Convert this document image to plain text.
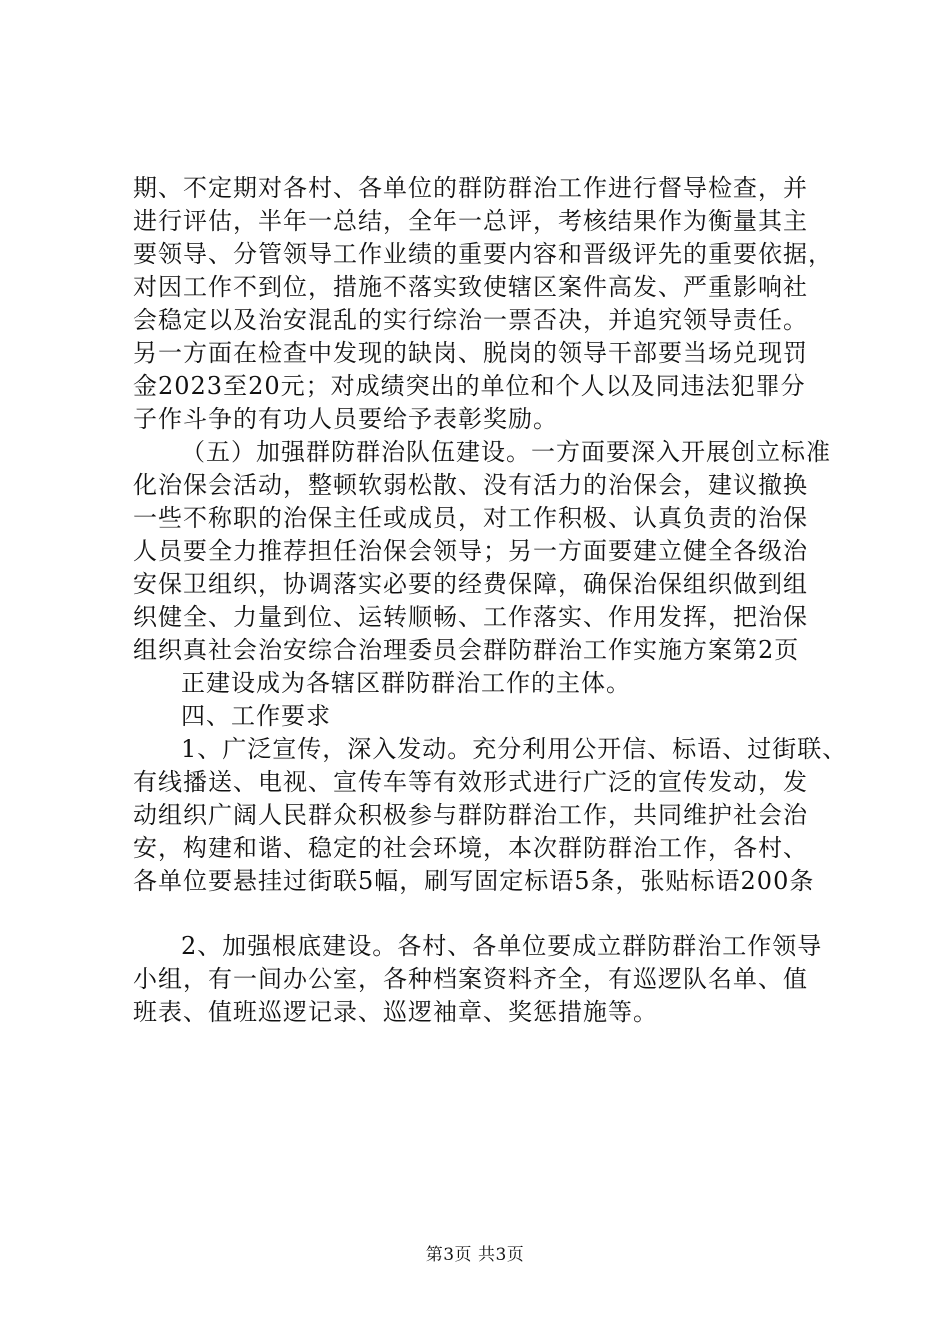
期、不定期对各村、各单位的群防群治工作进行督导检查，并
进行评估，半年一总结，全年一总评，考核结果作为衡量其主
要领导、分管领导工作业绩的重要内容和晋级评先的重要依据，
对因工作不到位，措施不落实致使辖区案件高发、严重影响社
会稳定以及治安混乱的实行综治一票否决，并追究领导责任。
另一方面在检查中发现的缺岗、脱岗的领导干部要当场兑现罚
金2023至20元；对成绩突出的单位和个人以及同违法犯罪分
子作斗争的有功人员要给予表彰奖励。
（五）加强群防群治队伍建设。一方面要深入开展创立标准
化治保会活动，整顿软弱松散、没有活力的治保会，建议撤换
一些不称职的治保主任或成员，对工作积极、认真负责的治保
人员要全力推荐担任治保会领导；另一方面要建立健全各级治
安保卫组织，协调落实必要的经费保障，确保治保组织做到组
织健全、力量到位、运转顺畅、工作落实、作用发挥，把治保
组织真社会治安综合治理委员会群防群治工作实施方案第2页
正建设成为各辖区群防群治工作的主体。
四、工作要求
1、广泛宣传，深入发动。充分利用公开信、标语、过街联、
有线播送、电视、宣传车等有效形式进行广泛的宣传发动，发
动组织广阔人民群众积极参与群防群治工作，共同维护社会治
安，构建和谐、稳定的社会环境，本次群防群治工作，各村、
各单位要悬挂过街联5幅，刷写固定标语5条，张贴标语200条
2、加强根底建设。各村、各单位要成立群防群治工作领导
小组，有一间办公室，各种档案资料齐全，有巡逻队名单、值
班表、值班巡逻记录、巡逻袖章、奖惩措施等。
第3页 共3页
